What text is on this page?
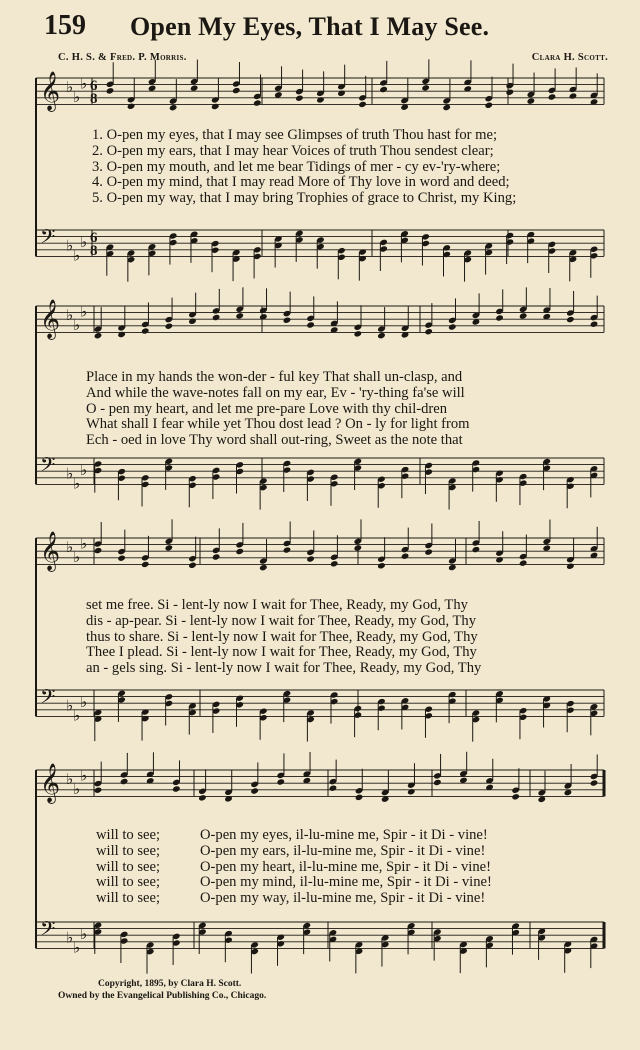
159 Open My Eyes, That I May See.
C. H. S. & Fred. P. Morris.	Clara H. Scott.
𝄞 ♭
♭
♭ 6
8
𝄢 ♭
♭
♭ 6
8
𝄞 ♭
♭
♭
𝄢 ♭
♭
♭
𝄞 ♭
♭
♭
𝄢 ♭
♭
♭
𝄞 ♭
♭
♭
𝄢 ♭
♭
♭
1. O-pen my eyes, that I may see Glimpses of truth Thou hast for me;
2. O-pen my ears, that I may hear Voices of truth Thou sendest clear;
3. O-pen my mouth, and let me bear Tidings of mer - cy ev-'ry-where;
4. O-pen my mind, that I may read More of Thy love in word and deed;
5. O-pen my way, that I may bring Trophies of grace to Christ, my King;
Place in my hands the won-der - ful key That shall un-clasp, and
And while the wave-notes fall on my ear, Ev - 'ry-thing fa'se will
O - pen my heart, and let me pre-pare Love with thy chil-dren
What shall I fear while yet Thou dost lead ? On - ly for light from
Ech - oed in love Thy word shall out-ring, Sweet as the note that
set me free. Si - lent-ly now I wait for Thee, Ready, my God, Thy
dis - ap-pear. Si - lent-ly now I wait for Thee, Ready, my God, Thy
thus to share. Si - lent-ly now I wait for Thee, Ready, my God, Thy
Thee I plead. Si - lent-ly now I wait for Thee, Ready, my God, Thy
an - gels sing. Si - lent-ly now I wait for Thee, Ready, my God, Thy
will to see;
will to see;
will to see;
will to see;
will to see;
O-pen my eyes, il-lu-mine me, Spir - it Di - vine!
O-pen my ears, il-lu-mine me, Spir - it Di - vine!
O-pen my heart, il-lu-mine me, Spir - it Di - vine!
O-pen my mind, il-lu-mine me, Spir - it Di - vine!
O-pen my way, il-lu-mine me, Spir - it Di - vine!
Copyright, 1895, by Clara H. Scott.
Owned by the Evangelical Publishing Co., Chicago.
